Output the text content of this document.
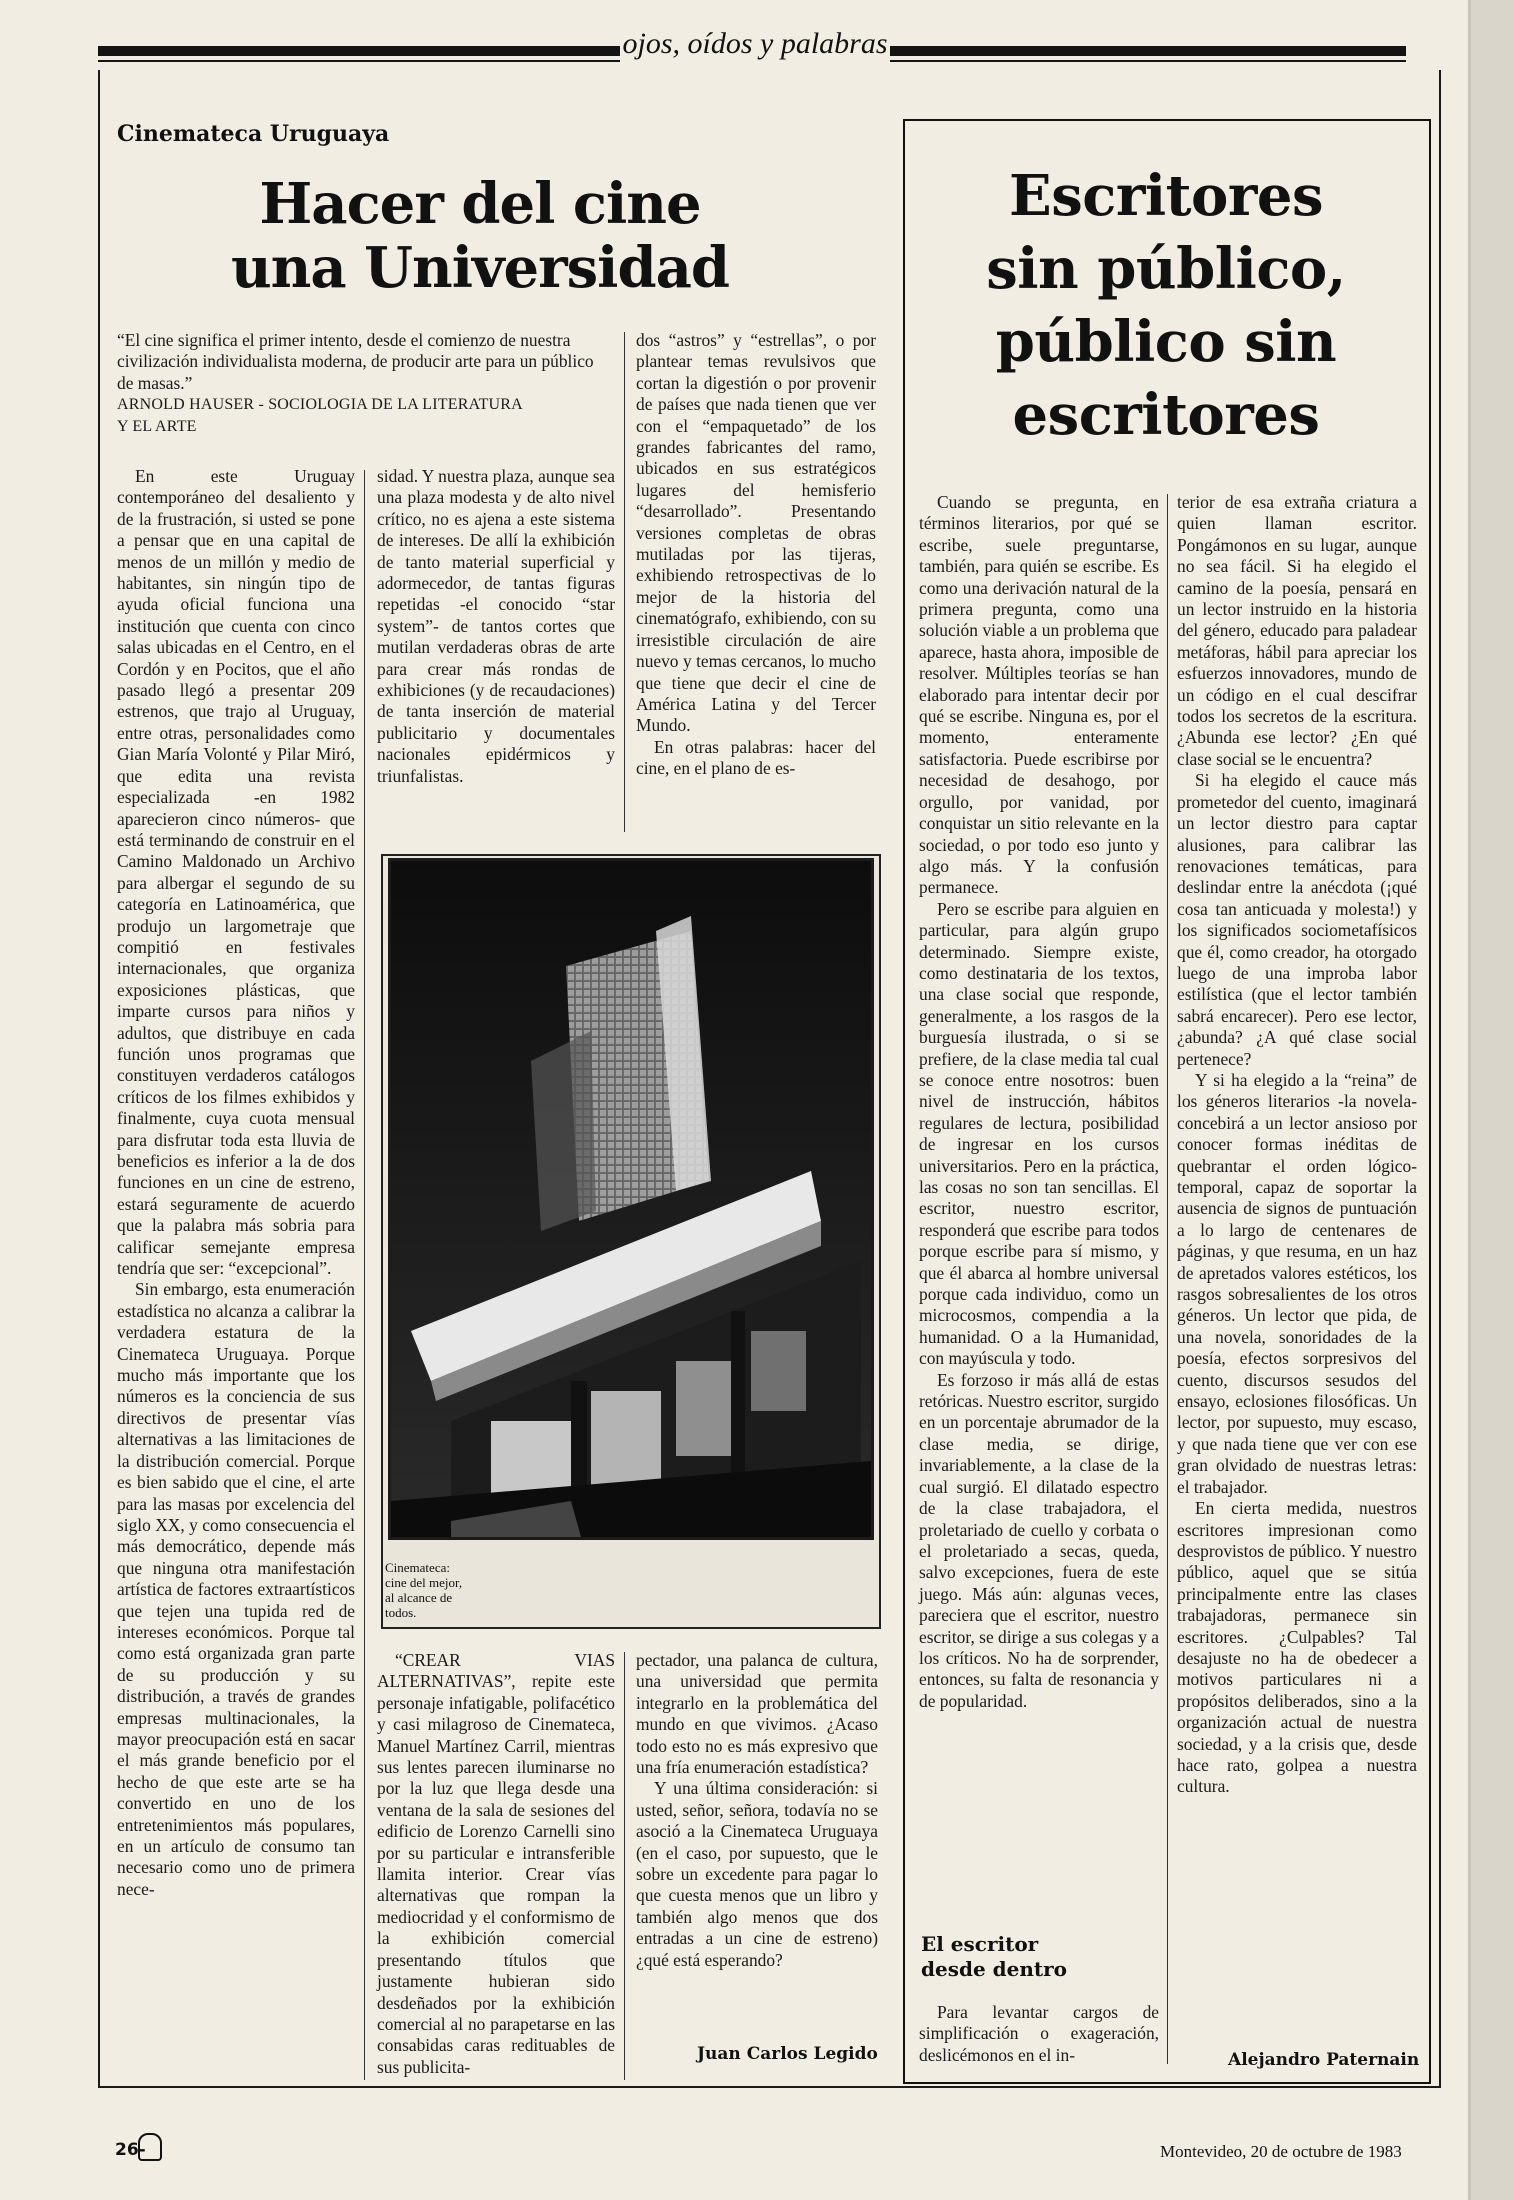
ojos, oídos y palabras
Cinemateca Uruguaya
Hacer del cine
una Universidad
“El cine significa el primer intento, desde el comienzo de nuestra civilización individualista moderna, de producir arte para un público de masas.”
ARNOLD HAUSER - SOCIOLOGIA DE LA LITERATURA
Y EL ARTE

En este Uruguay contemporáneo del desaliento y de la frustración, si usted se pone a pensar que en una capital de menos de un millón y medio de habitantes, sin ningún tipo de ayuda oficial funciona una institución que cuenta con cinco salas ubicadas en el Centro, en el Cordón y en Pocitos, que el año pasado llegó a presentar 209 estrenos, que trajo al Uruguay, entre otras, personalidades como Gian María Volonté y Pilar Miró, que edita una revista especializada -en 1982 aparecieron cinco números- que está terminando de construir en el Camino Maldonado un Archivo para albergar el segundo de su categoría en Latinoamérica, que produjo un largometraje que compitió en festivales internacionales, que organiza exposiciones plásticas, que imparte cursos para niños y adultos, que distribuye en cada función unos programas que constituyen verdaderos catálogos críticos de los filmes exhibidos y finalmente, cuya cuota mensual para disfrutar toda esta lluvia de beneficios es inferior a la de dos funciones en un cine de estreno, estará seguramente de acuerdo que la palabra más sobria para calificar semejante empresa tendría que ser: “excepcional”.

Sin embargo, esta enumeración estadística no alcanza a calibrar la verdadera estatura de la Cinemateca Uruguaya. Porque mucho más importante que los números es la conciencia de sus directivos de presentar vías alternativas a las limitaciones de la distribución comercial. Porque es bien sabido que el cine, el arte para las masas por excelencia del siglo XX, y como consecuencia el más democrático, depende más que ninguna otra manifestación artística de factores extraartísticos que tejen una tupida red de intereses económicos. Porque tal como está organizada gran parte de su producción y su distribución, a través de grandes empresas multinacionales, la mayor preocupación está en sacar el más grande beneficio por el hecho de que este arte se ha convertido en uno de los entretenimientos más populares, en un artículo de consumo tan necesario como uno de primera nece-

sidad. Y nuestra plaza, aunque sea una plaza modesta y de alto nivel crítico, no es ajena a este sistema de intereses. De allí la exhibición de tanto material superficial y adormecedor, de tantas figuras repetidas -el conocido “star system”- de tantos cortes que mutilan verdaderas obras de arte para crear más rondas de exhibiciones (y de recaudaciones) de tanta inserción de material publicitario y documentales nacionales epidérmicos y triunfalistas.

dos “astros” y “estrellas”, o por plantear temas revulsivos que cortan la digestión o por provenir de países que nada tienen que ver con el “empaquetado” de los grandes fabricantes del ramo, ubicados en sus estratégicos lugares del hemisferio “desarrollado”. Presentando versiones completas de obras mutiladas por las tijeras, exhibiendo retrospectivas de lo mejor de la historia del cinematógrafo, exhibiendo, con su irresistible circulación de aire nuevo y temas cercanos, lo mucho que tiene que decir el cine de América Latina y del Tercer Mundo.

En otras palabras: hacer del cine, en el plano de es-

Cinemateca: cine del mejor, al alcance de todos.

“CREAR VIAS ALTERNATIVAS”, repite este personaje infatigable, polifacético y casi milagroso de Cinemateca, Manuel Martínez Carril, mientras sus lentes parecen iluminarse no por la luz que llega desde una ventana de la sala de sesiones del edificio de Lorenzo Carnelli sino por su particular e intransferible llamita interior. Crear vías alternativas que rompan la mediocridad y el conformismo de la exhibición comercial presentando títulos que justamente hubieran sido desdeñados por la exhibición comercial al no parapetarse en las consabidas caras redituables de sus publicita-

pectador, una palanca de cultura, una universidad que permita integrarlo en la problemática del mundo en que vivimos. ¿Acaso todo esto no es más expresivo que una fría enumeración estadística?

Y una última consideración: si usted, señor, señora, todavía no se asoció a la Cinemateca Uruguaya (en el caso, por supuesto, que le sobre un excedente para pagar lo que cuesta menos que un libro y también algo menos que dos entradas a un cine de estreno) ¿qué está esperando?

Juan Carlos Legido
Escritores
sin público,
público sin
escritores

Cuando se pregunta, en términos literarios, por qué se escribe, suele preguntarse, también, para quién se escribe. Es como una derivación natural de la primera pregunta, como una solución viable a un problema que aparece, hasta ahora, imposible de resolver. Múltiples teorías se han elaborado para intentar decir por qué se escribe. Ninguna es, por el momento, enteramente satisfactoria. Puede escribirse por necesidad de desahogo, por orgullo, por vanidad, por conquistar un sitio relevante en la sociedad, o por todo eso junto y algo más. Y la confusión permanece.

Pero se escribe para alguien en particular, para algún grupo determinado. Siempre existe, como destinataria de los textos, una clase social que responde, generalmente, a los rasgos de la burguesía ilustrada, o si se prefiere, de la clase media tal cual se conoce entre nosotros: buen nivel de instrucción, hábitos regulares de lectura, posibilidad de ingresar en los cursos universitarios. Pero en la práctica, las cosas no son tan sencillas. El escritor, nuestro escritor, responderá que escribe para todos porque escribe para sí mismo, y que él abarca al hombre universal porque cada individuo, como un microcosmos, compendia a la humanidad. O a la Humanidad, con mayúscula y todo.

Es forzoso ir más allá de estas retóricas. Nuestro escritor, surgido en un porcentaje abrumador de la clase media, se dirige, invariablemente, a la clase de la cual surgió. El dilatado espectro de la clase trabajadora, el proletariado de cuello y corbata o el proletariado a secas, queda, salvo excepciones, fuera de este juego. Más aún: algunas veces, pareciera que el escritor, nuestro escritor, se dirige a sus colegas y a los críticos. No ha de sorprender, entonces, su falta de resonancia y de popularidad.

El escritor
desde dentro

Para levantar cargos de simplificación o exageración, deslicémonos en el in-

terior de esa extraña criatura a quien llaman escritor. Pongámonos en su lugar, aunque no sea fácil. Si ha elegido el camino de la poesía, pensará en un lector instruido en la historia del género, educado para paladear metáforas, hábil para apreciar los esfuerzos innovadores, mundo de un código en el cual descifrar todos los secretos de la escritura. ¿Abunda ese lector? ¿En qué clase social se le encuentra?

Si ha elegido el cauce más prometedor del cuento, imaginará un lector diestro para captar alusiones, para calibrar las renovaciones temáticas, para deslindar entre la anécdota (¡qué cosa tan anticuada y molesta!) y los significados sociometafísicos que él, como creador, ha otorgado luego de una improba labor estilística (que el lector también sabrá encarecer). Pero ese lector, ¿abunda? ¿A qué clase social pertenece?

Y si ha elegido a la “reina” de los géneros literarios -la novela- concebirá a un lector ansioso por conocer formas inéditas de quebrantar el orden lógico-temporal, capaz de soportar la ausencia de signos de puntuación a lo largo de centenares de páginas, y que resuma, en un haz de apretados valores estéticos, los rasgos sobresalientes de los otros géneros. Un lector que pida, de una novela, sonoridades de la poesía, efectos sorpresivos del cuento, discursos sesudos del ensayo, eclosiones filosóficas. Un lector, por supuesto, muy escaso, y que nada tiene que ver con ese gran olvidado de nuestras letras: el trabajador.

En cierta medida, nuestros escritores impresionan como desprovistos de público. Y nuestro público, aquel que se sitúa principalmente entre las clases trabajadoras, permanece sin escritores. ¿Culpables? Tal desajuste no ha de obedecer a motivos particulares ni a propósitos deliberados, sino a la organización actual de nuestra sociedad, y a la crisis que, desde hace rato, golpea a nuestra cultura.

Alejandro Paternain
26-	Montevideo, 20 de octubre de 1983
